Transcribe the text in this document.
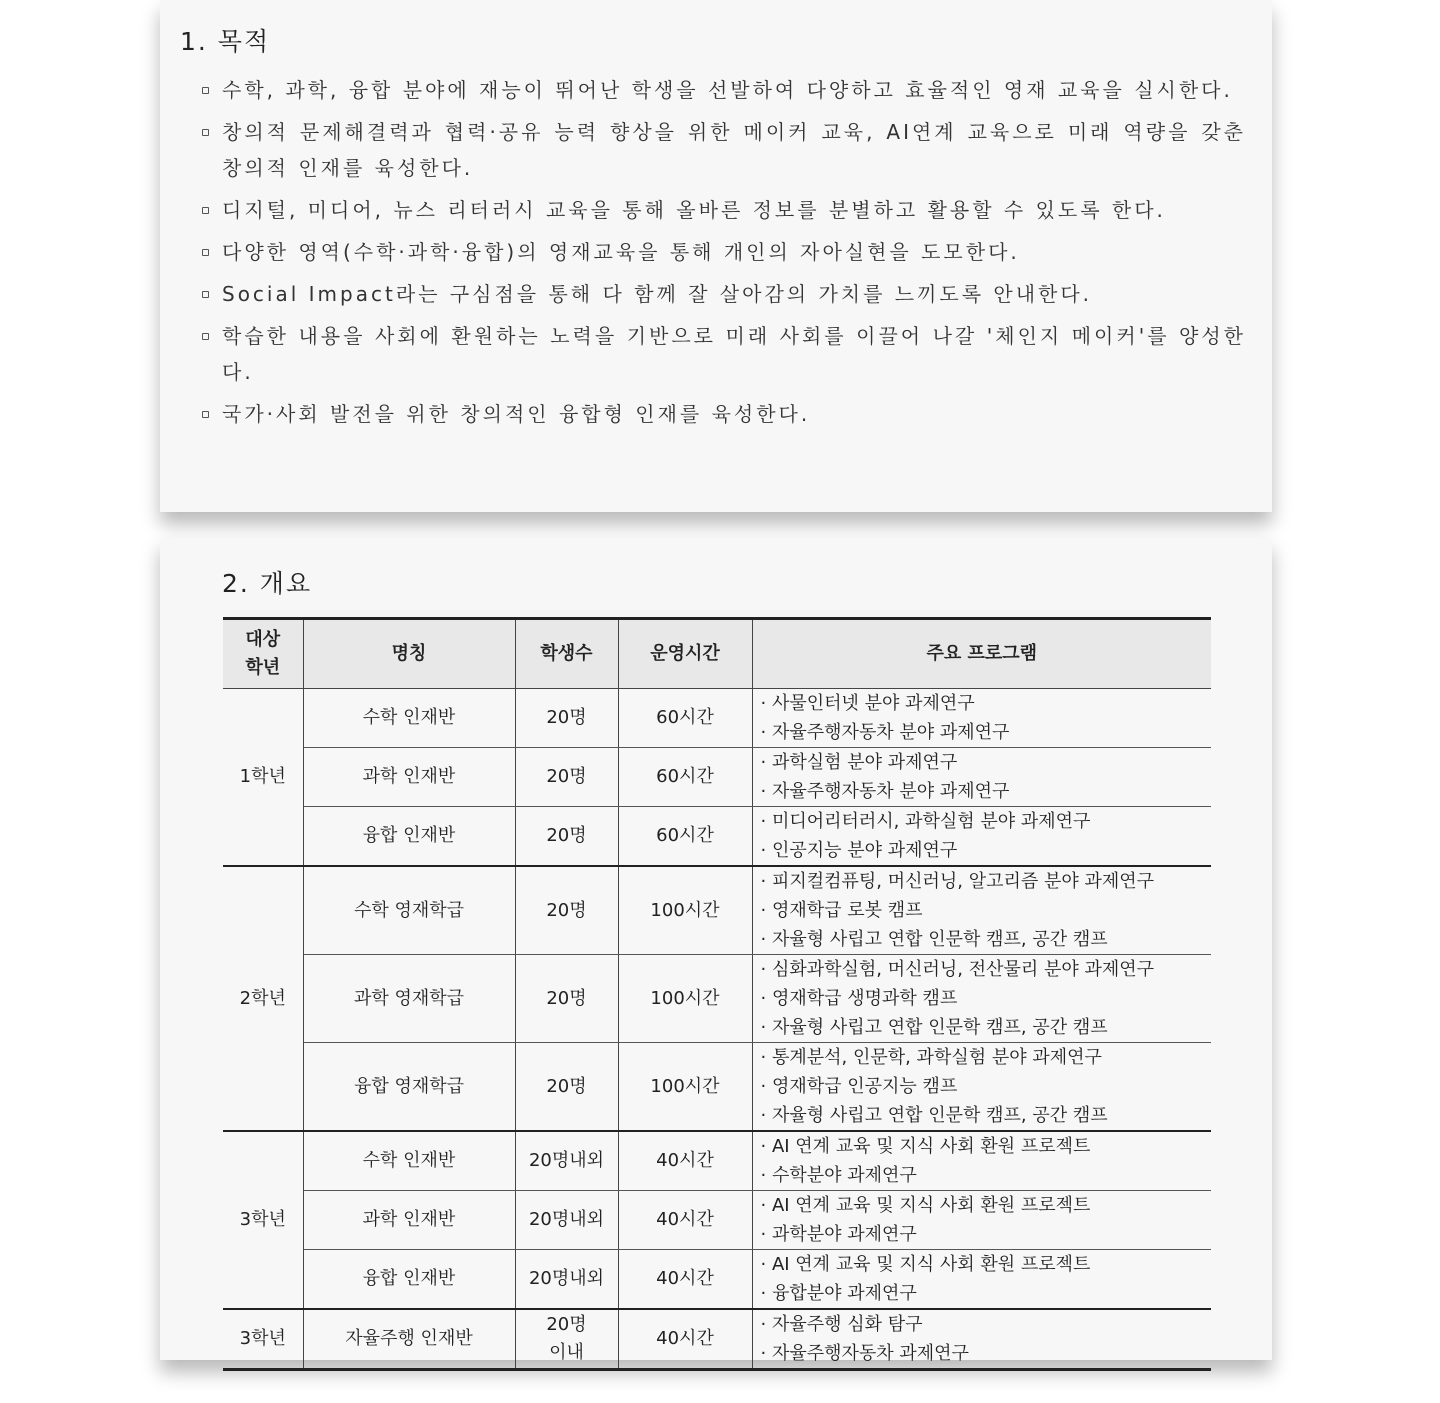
1. 목적
수학, 과학, 융합 분야에 재능이 뛰어난 학생을 선발하여 다양하고 효율적인 영재 교육을 실시한다.
창의적 문제해결력과 협력·공유 능력 향상을 위한 메이커 교육, AI연계 교육으로 미래 역량을 갖춘 창의적 인재를 육성한다.
디지털, 미디어, 뉴스 리터러시 교육을 통해 올바른 정보를 분별하고 활용할 수 있도록 한다.
다양한 영역(수학·과학·융합)의 영재교육을 통해 개인의 자아실현을 도모한다.
Social Impact라는 구심점을 통해 다 함께 잘 살아감의 가치를 느끼도록 안내한다.
학습한 내용을 사회에 환원하는 노력을 기반으로 미래 사회를 이끌어 나갈 '체인지 메이커'를 양성한다.
국가·사회 발전을 위한 창의적인 융합형 인재를 육성한다.
2. 개요
대상
학년	명칭	학생수	운영시간	주요 프로그램
1학년	수학 인재반	20명	60시간	· 사물인터넷 분야 과제연구
· 자율주행자동차 분야 과제연구

	과학 인재반	20명	60시간	· 과학실험 분야 과제연구
· 자율주행자동차 분야 과제연구

	융합 인재반	20명	60시간	· 미디어리터러시, 과학실험 분야 과제연구
· 인공지능 분야 과제연구

2학년	수학 영재학급	20명	100시간	· 피지컬컴퓨팅, 머신러닝, 알고리즘 분야 과제연구
· 영재학급 로봇 캠프
· 자율형 사립고 연합 인문학 캠프, 공간 캠프

	과학 영재학급	20명	100시간	· 심화과학실험, 머신러닝, 전산물리 분야 과제연구
· 영재학급 생명과학 캠프
· 자율형 사립고 연합 인문학 캠프, 공간 캠프

	융합 영재학급	20명	100시간	· 통계분석, 인문학, 과학실험 분야 과제연구
· 영재학급 인공지능 캠프
· 자율형 사립고 연합 인문학 캠프, 공간 캠프

3학년	수학 인재반	20명내외	40시간	· AI 연계 교육 및 지식 사회 환원 프로젝트
· 수학분야 과제연구

	과학 인재반	20명내외	40시간	· AI 연계 교육 및 지식 사회 환원 프로젝트
· 과학분야 과제연구

	융합 인재반	20명내외	40시간	· AI 연계 교육 및 지식 사회 환원 프로젝트
· 융합분야 과제연구

3학년	자율주행 인재반	20명
이내	40시간	· 자율주행 심화 탐구
· 자율주행자동차 과제연구
